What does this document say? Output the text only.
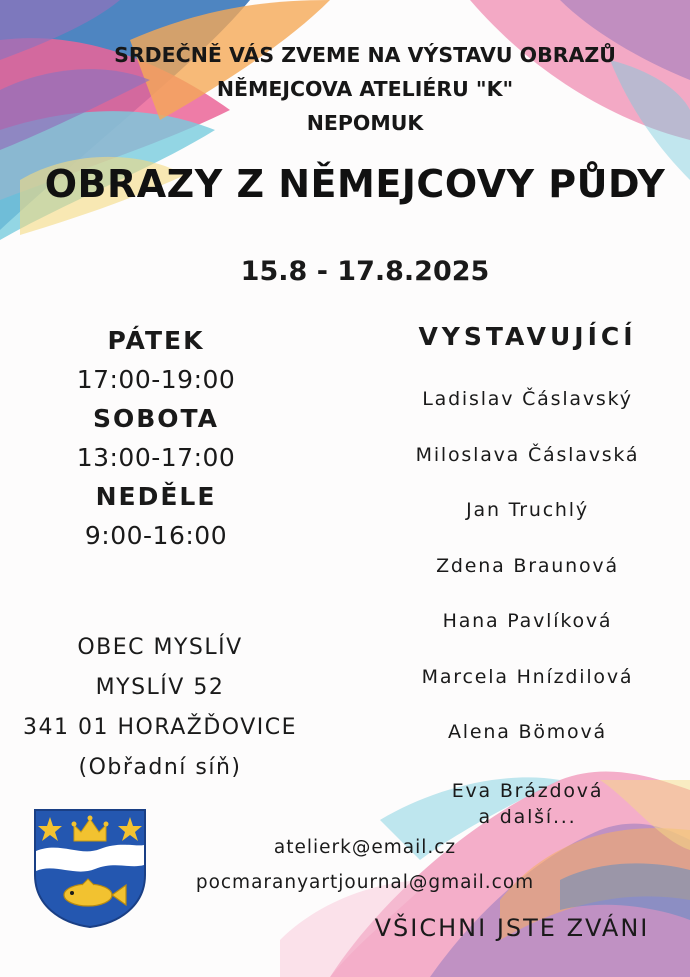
SRDEČNĚ VÁS ZVEME NA VÝSTAVU OBRAZŮ
NĚMEJCOVA ATELIÉRU "K"
NEPOMUK
OBRAZY Z NĚMEJCOVY PŮDY
15.8 - 17.8.2025
PÁTEK
17:00-19:00
SOBOTA
13:00-17:00
NEDĚLE
9:00-16:00
VYSTAVUJÍCÍ
Ladislav Čáslavský
Miloslava Čáslavská
Jan Truchlý
Zdena Braunová
Hana Pavlíková
Marcela Hnízdilová
Alena Bömová
Eva Brázdová
a další...
OBEC MYSLÍV
MYSLÍV 52
341 01 HORAŽĎOVICE
(Obřadní síň)
atelierk@email.cz
pocmaranyartjournal@gmail.com
VŠICHNI JSTE ZVÁNI
